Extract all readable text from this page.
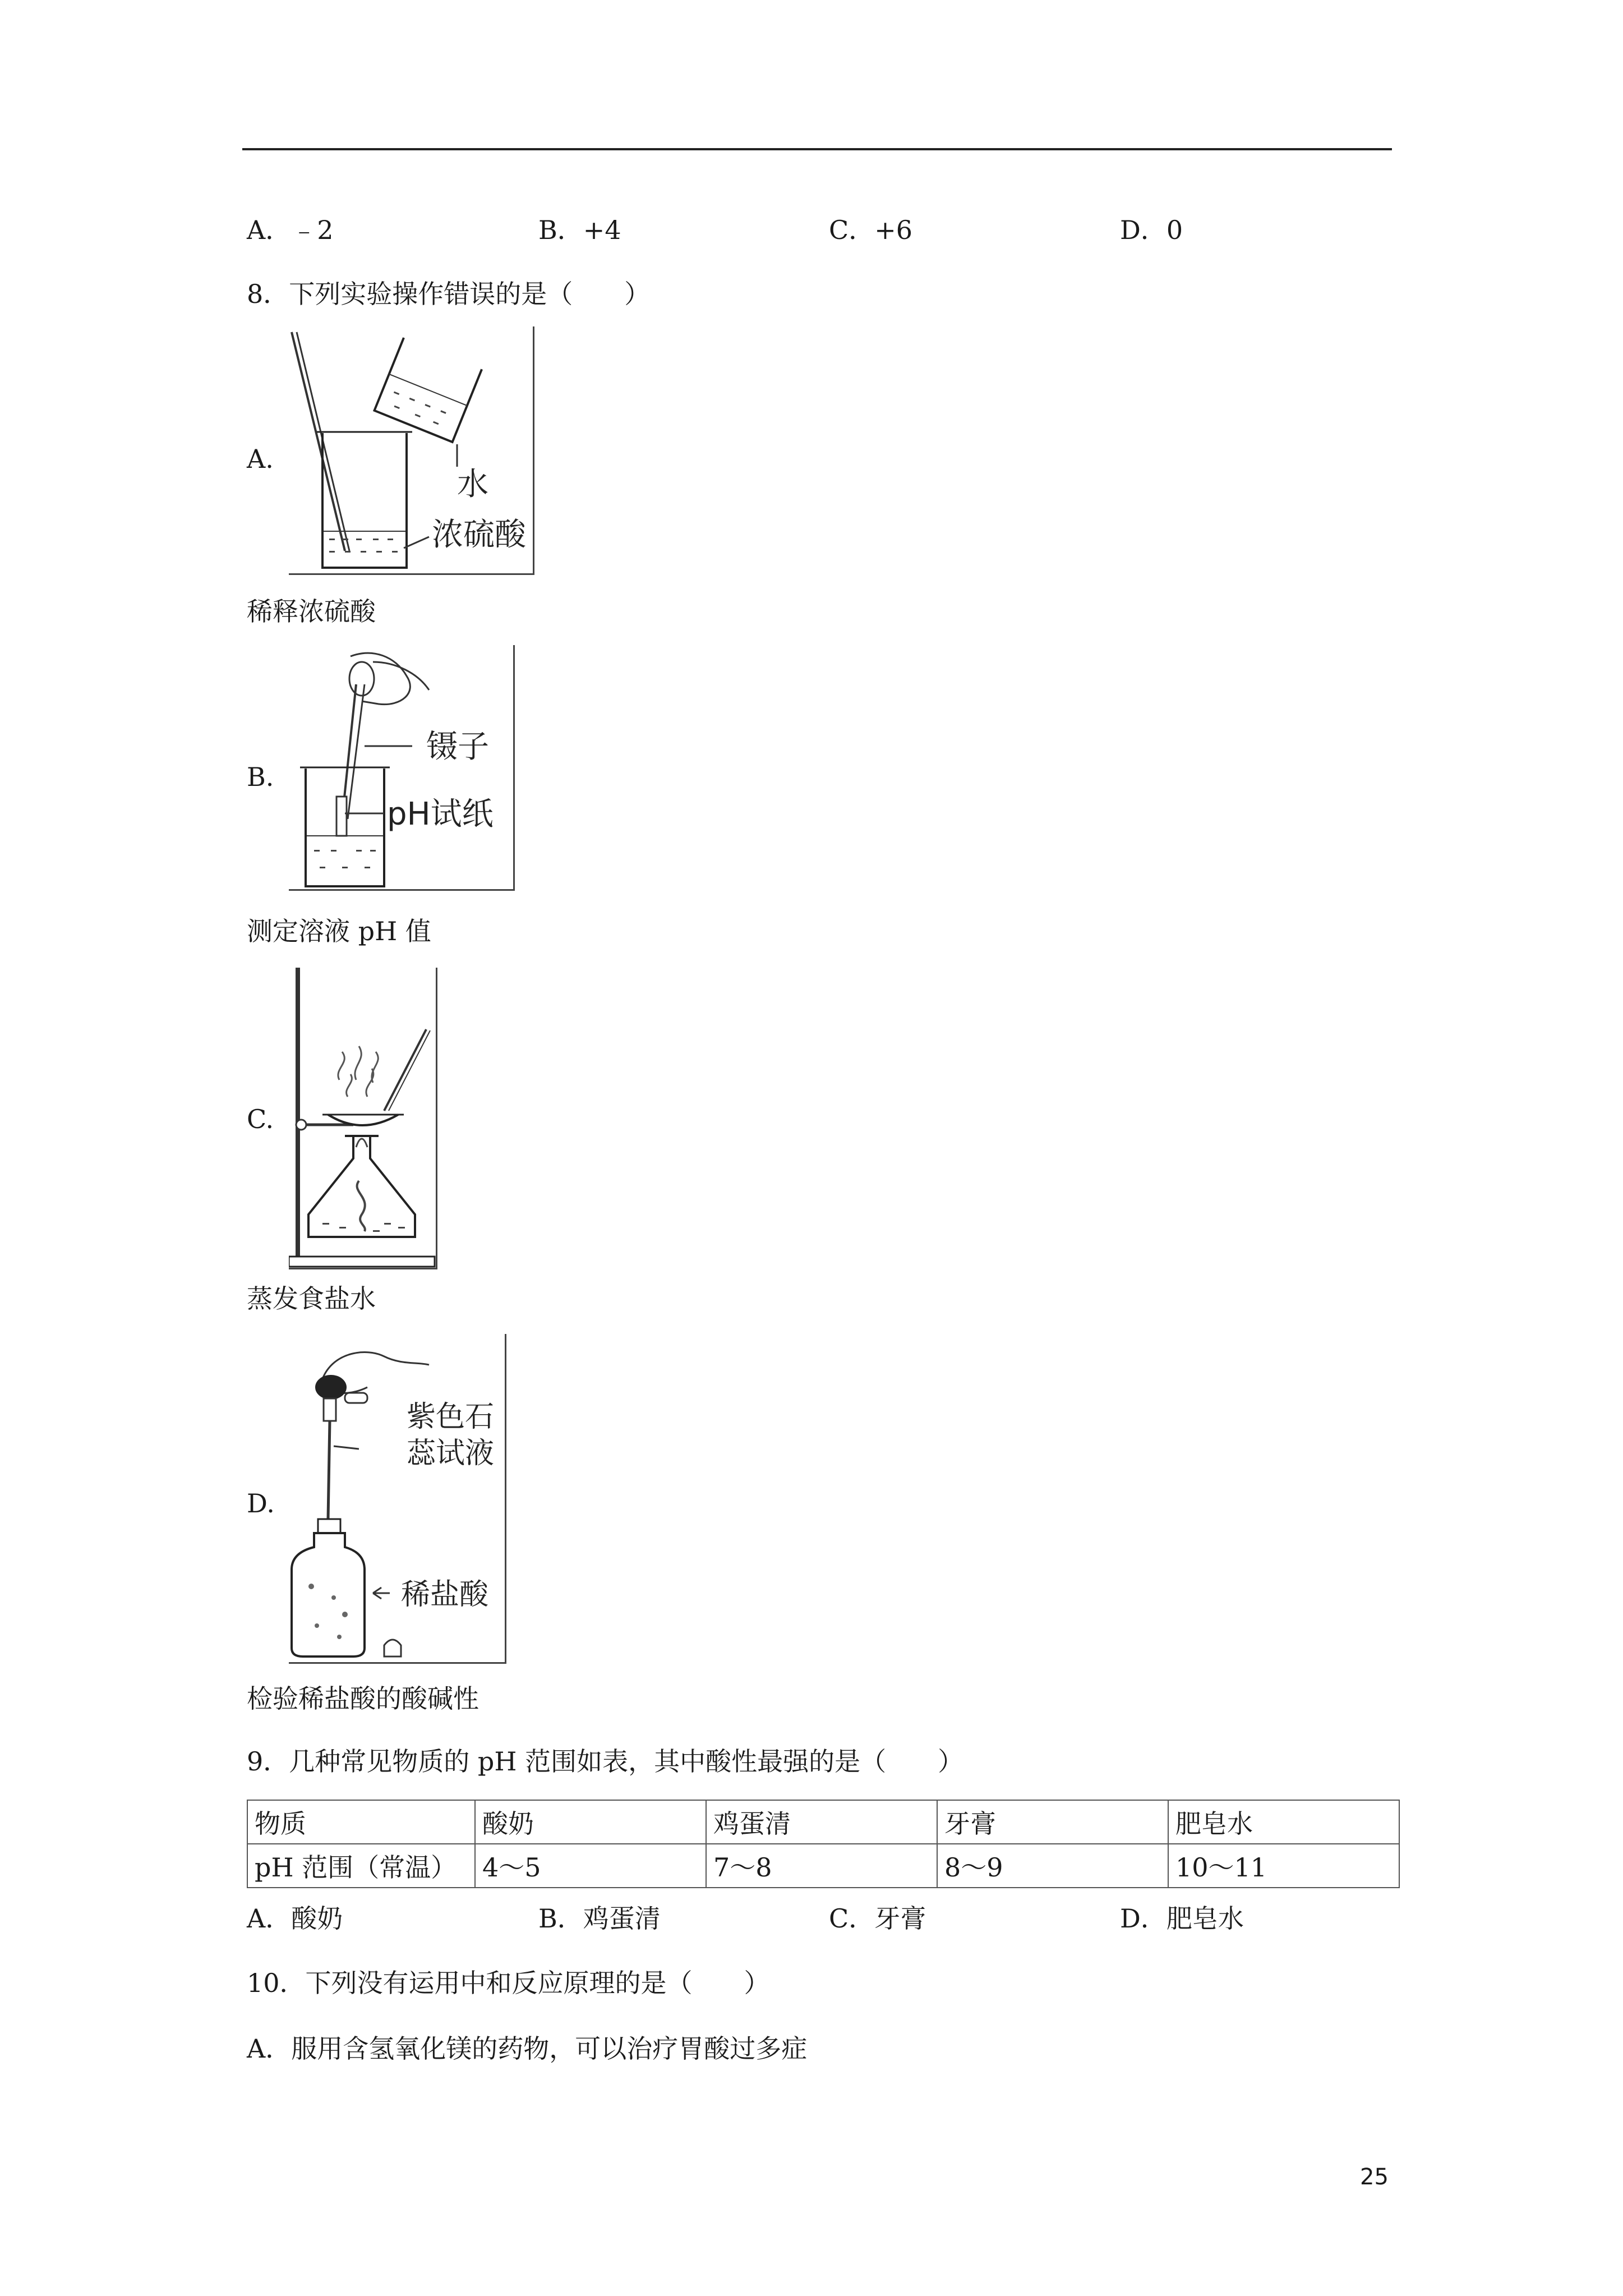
A．﹣2	B．+4	C．+6	D．0
8．下列实验操作错误的是（　　）
A.
水
浓硫酸
稀释浓硫酸
B.
镊子
pH试纸
测定溶液 pH 值
C.
蒸发食盐水
D.
紫色石
蕊试液
稀盐酸
检验稀盐酸的酸碱性
9．几种常见物质的 pH 范围如表，其中酸性最强的是（　　）
物质	酸奶	鸡蛋清	牙膏	肥皂水
pH 范围（常温）	4～5	7～8	8～9	10～11
A．酸奶	B．鸡蛋清	C．牙膏	D．肥皂水
10．下列没有运用中和反应原理的是（　　）
A．服用含氢氧化镁的药物，可以治疗胃酸过多症
25
